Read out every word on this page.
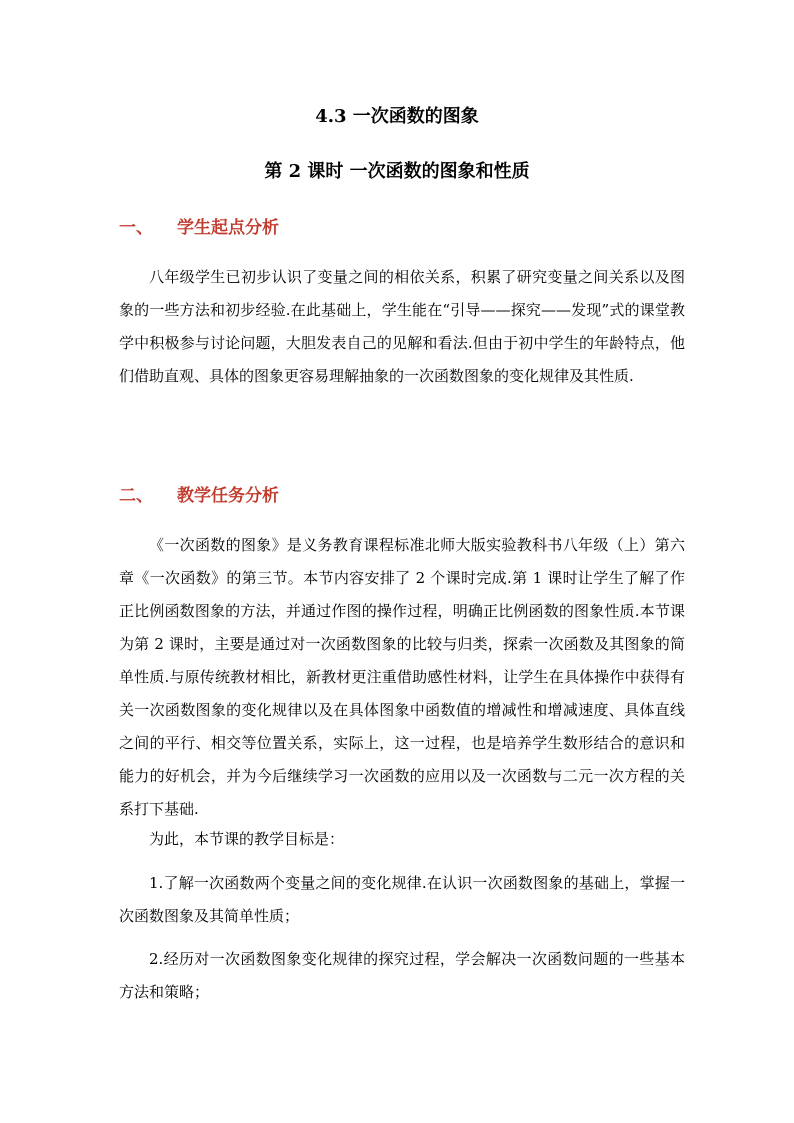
4.3 一次函数的图象
第 2 课时 一次函数的图象和性质
一、 学生起点分析

八年级学生已初步认识了变量之间的相依关系，积累了研究变量之间关系以及图象的一些方法和初步经验.在此基础上，学生能在“引导——探究——发现”式的课堂教学中积极参与讨论问题，大胆发表自己的见解和看法.但由于初中学生的年龄特点，他们借助直观、具体的图象更容易理解抽象的一次函数图象的变化规律及其性质.

二、 教学任务分析

《一次函数的图象》是义务教育课程标准北师大版实验教科书八年级（上）第六章《一次函数》的第三节。本节内容安排了 2 个课时完成.第 1 课时让学生了解了作正比例函数图象的方法，并通过作图的操作过程，明确正比例函数的图象性质.本节课为第 2 课时，主要是通过对一次函数图象的比较与归类，探索一次函数及其图象的简单性质.与原传统教材相比，新教材更注重借助感性材料，让学生在具体操作中获得有关一次函数图象的变化规律以及在具体图象中函数值的增减性和增减速度、具体直线之间的平行、相交等位置关系，实际上，这一过程，也是培养学生数形结合的意识和能力的好机会，并为今后继续学习一次函数的应用以及一次函数与二元一次方程的关系打下基础.

为此，本节课的教学目标是：

1.了解一次函数两个变量之间的变化规律.在认识一次函数图象的基础上，掌握一次函数图象及其简单性质；

2.经历对一次函数图象变化规律的探究过程，学会解决一次函数问题的一些基本方法和策略；
